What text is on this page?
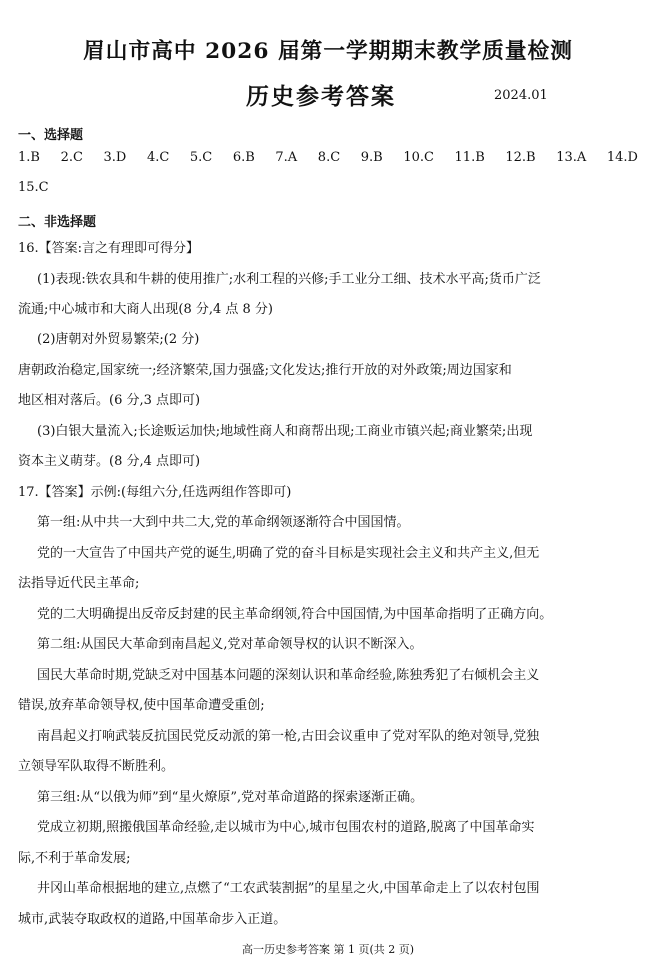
眉山市高中 2026 届第一学期期末教学质量检测
历史参考答案	2024.01
一、选择题
1.B 2.C 3.D 4.C 5.C 6.B 7.A 8.C 9.B 10.C 11.B 12.B 13.A 14.D
15.C
二、非选择题
16.【答案:言之有理即可得分】
(1)表现:铁农具和牛耕的使用推广;水利工程的兴修;手工业分工细、技术水平高;货币广泛
流通;中心城市和大商人出现(8 分,4 点 8 分)
(2)唐朝对外贸易繁荣;(2 分)
唐朝政治稳定,国家统一;经济繁荣,国力强盛;文化发达;推行开放的对外政策;周边国家和
地区相对落后。(6 分,3 点即可)
(3)白银大量流入;长途贩运加快;地域性商人和商帮出现;工商业市镇兴起;商业繁荣;出现
资本主义萌芽。(8 分,4 点即可)
17.【答案】示例:(每组六分,任选两组作答即可)
第一组:从中共一大到中共二大,党的革命纲领逐渐符合中国国情。
党的一大宣告了中国共产党的诞生,明确了党的奋斗目标是实现社会主义和共产主义,但无
法指导近代民主革命;
党的二大明确提出反帝反封建的民主革命纲领,符合中国国情,为中国革命指明了正确方向。
第二组:从国民大革命到南昌起义,党对革命领导权的认识不断深入。
国民大革命时期,党缺乏对中国基本问题的深刻认识和革命经验,陈独秀犯了右倾机会主义
错误,放弃革命领导权,使中国革命遭受重创;
南昌起义打响武装反抗国民党反动派的第一枪,古田会议重申了党对军队的绝对领导,党独
立领导军队取得不断胜利。
第三组:从“以俄为师”到“星火燎原”,党对革命道路的探索逐渐正确。
党成立初期,照搬俄国革命经验,走以城市为中心,城市包围农村的道路,脱离了中国革命实
际,不利于革命发展;
井冈山革命根据地的建立,点燃了“工农武装割据”的星星之火,中国革命走上了以农村包围
城市,武装夺取政权的道路,中国革命步入正道。
高一历史参考答案 第 1 页(共 2 页)
